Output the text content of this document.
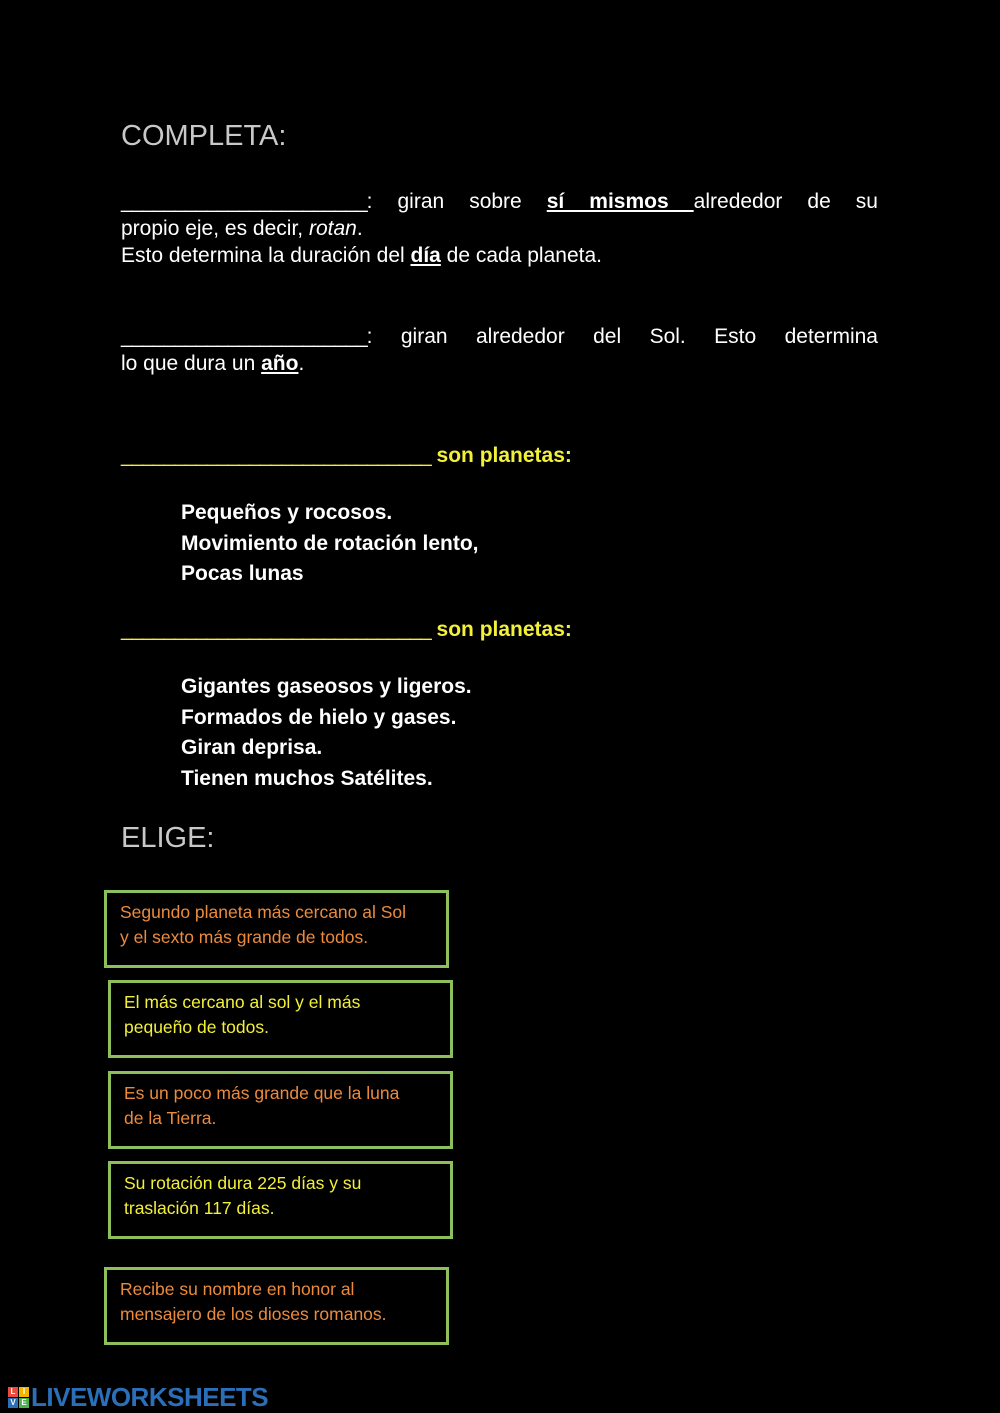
COMPLETA:
_______________________: giran sobre sí mismos alrededor de su
propio eje, es decir, rotan.
Esto determina la duración del día de cada planeta.
_______________________: giran alrededor del Sol. Esto determina
lo que dura un año.
_____________________________ son planetas:
Pequeños y rocosos.
Movimiento de rotación lento,
Pocas lunas
_____________________________ son planetas:
Gigantes gaseosos y ligeros.
Formados de hielo y gases.
Giran deprisa.
Tienen muchos Satélites.
ELIGE:
Segundo planeta más cercano al Sol
y el sexto más grande de todos.
El más cercano al sol y el más
pequeño de todos.
Es un poco más grande que la luna
de la Tierra.
Su rotación dura 225 días y su
traslación 117 días.
Recibe su nombre en honor al
mensajero de los dioses romanos.
L I
V E LIVEWORKSHEETS
